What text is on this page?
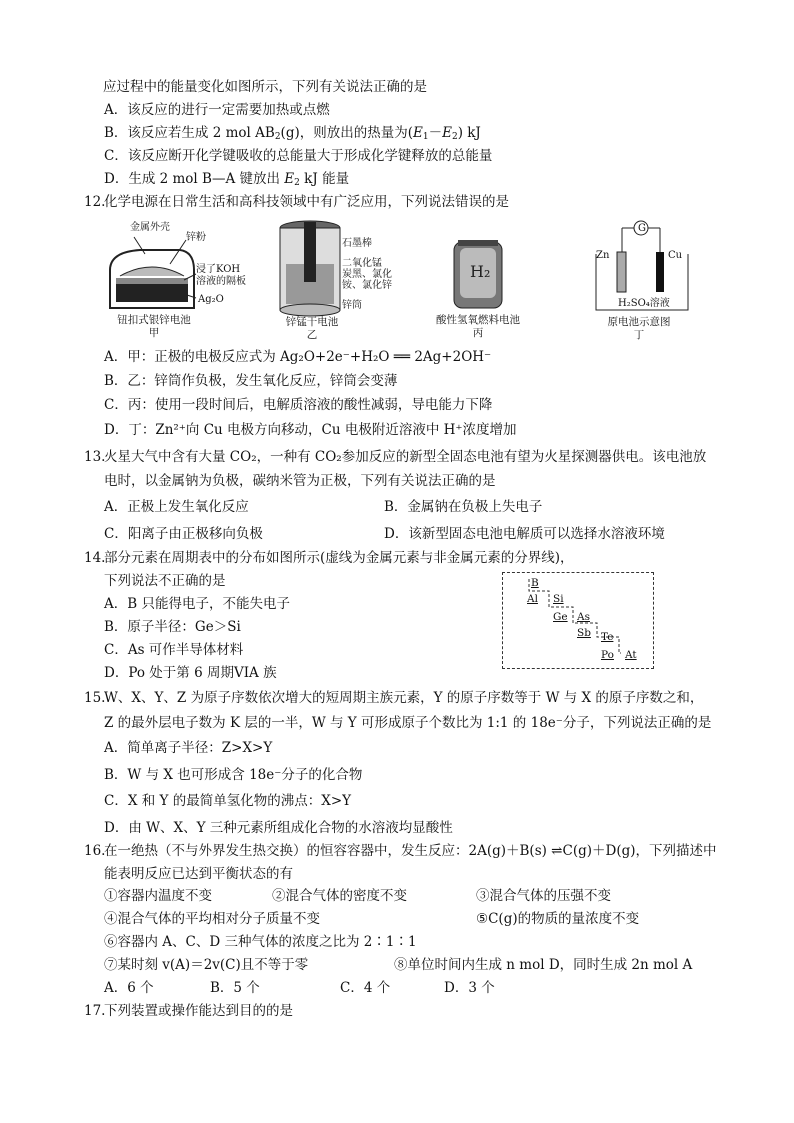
应过程中的能量变化如图所示，下列有关说法正确的是
A．该反应的进行一定需要加热或点燃
B．该反应若生成 2 mol $AB_2(g)$，则放出的热量为$(E_1-E_2)$ kJ
C．该反应断开化学键吸收的总能量大于形成化学键释放的总能量
D．生成 2 mol B—A 键放出 $E_2$ kJ 能量
12.
化学电源在日常生活和高科技领域中有广泛应用，下列说法错误的是
金属外壳
锌粉
浸了KOH
溶液的隔板
Ag₂O
钮扣式银锌电池
甲
石墨棒
二氧化锰
炭黑、氯化
铵、氯化锌
锌筒
锌锰干电池
乙
H₂
酸性氢氧燃料电池
丙
G
Zn	Cu
H₂SO₄溶液
原电池示意图
丁
A．甲：正极的电极反应式为 Ag₂O+2e⁻+H₂O ══ 2Ag+2OH⁻
B．乙：锌筒作负极，发生氧化反应，锌筒会变薄
C．丙：使用一段时间后，电解质溶液的酸性减弱，导电能力下降
D．丁：Zn²⁺向 Cu 电极方向移动，Cu 电极附近溶液中 H⁺浓度增加
13.
火星大气中含有大量 CO₂，一种有 CO₂参加反应的新型全固态电池有望为火星探测器供电。该电池放
电时，以金属钠为负极，碳纳米管为正极，下列有关说法正确的是
A．正极上发生氧化反应	B．金属钠在负极上失电子
C．阳离子由正极移向负极	D．该新型固态电池电解质可以选择水溶液环境
14.
部分元素在周期表中的分布如图所示(虚线为金属元素与非金属元素的分界线)，
下列说法不正确的是
A．B 只能得电子，不能失电子
B．原子半径：Ge＞Si
C．As 可作半导体材料
D．Po 处于第 6 周期VIA 族
B
Al Si
Ge As
Sb Te
Po At
15.
W、X、Y、Z 为原子序数依次增大的短周期主族元素，Y 的原子序数等于 W 与 X 的原子序数之和，
Z 的最外层电子数为 K 层的一半，W 与 Y 可形成原子个数比为 1:1 的 18e⁻分子，下列说法正确的是
A．简单离子半径：Z>X>Y
B．W 与 X 也可形成含 18e⁻分子的化合物
C．X 和 Y 的最简单氢化物的沸点：X>Y
D．由 W、X、Y 三种元素所组成化合物的水溶液均显酸性
16.
在一绝热（不与外界发生热交换）的恒容容器中，发生反应：2A(g)＋B(s) ⇌C(g)＋D(g)，下列描述中
能表明反应已达到平衡状态的有
①容器内温度不变	②混合气体的密度不变	③混合气体的压强不变
④混合气体的平均相对分子质量不变	⑤C(g)的物质的量浓度不变
⑥容器内 A、C、D 三种气体的浓度之比为 2∶1∶1
⑦某时刻 v(A)＝2v(C)且不等于零	⑧单位时间内生成 n mol D，同时生成 2n mol A
A．6 个	B．5 个	C．4 个	D．3 个
17.
下列装置或操作能达到目的的是
